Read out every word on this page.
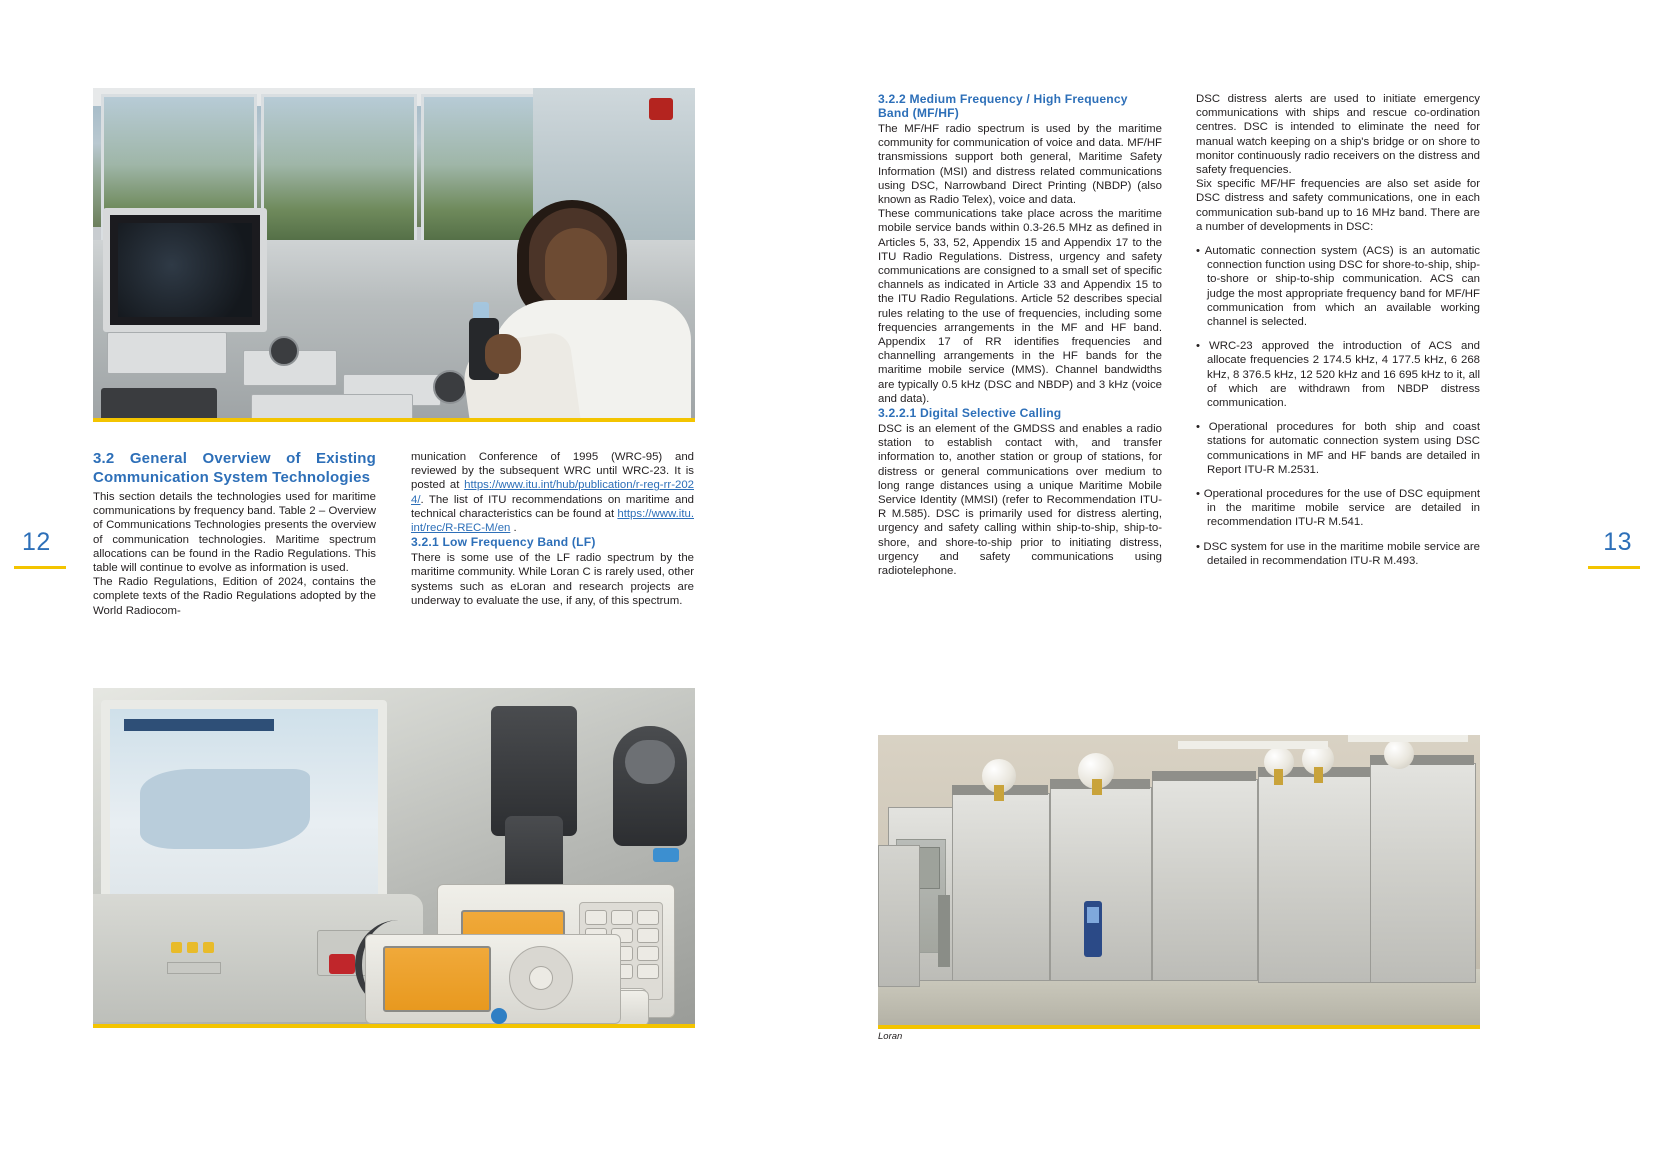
12	13
3.2 General Overview of Existing Communication System Technologies

This section details the technologies used for maritime communications by frequency band. Table 2 – Overview of Communications Technologies presents the overview of communication technologies. Maritime spectrum allocations can be found in the Radio Regulations. This table will continue to evolve as information is used.

The Radio Regulations, Edition of 2024, contains the complete texts of the Radio Regulations adopted by the World Radiocom-

munication Conference of 1995 (WRC-95) and reviewed by the subsequent WRC until WRC-23. It is posted at https://www.itu.int/hub/publication/r-reg-rr-2024/. The list of ITU recommendations on maritime and technical characteristics can be found at https://www.itu.int/rec/R-REC-M/en .

3.2.1 Low Frequency Band (LF)

There is some use of the LF radio spectrum by the maritime community. While Loran C is rarely used, other systems such as eLoran and research projects are underway to evaluate the use, if any, of this spectrum.

3.2.2 Medium Frequency / High Frequency
Band (MF/HF)

The MF/HF radio spectrum is used by the maritime community for communication of voice and data. MF/HF transmissions support both general, Maritime Safety Information (MSI) and distress related communications using DSC, Narrowband Direct Printing (NBDP) (also known as Radio Telex), voice and data.

These communications take place across the maritime mobile service bands within 0.3-26.5 MHz as defined in Articles 5, 33, 52, Appendix 15 and Appendix 17 to the ITU Radio Regulations. Distress, urgency and safety communications are consigned to a small set of specific channels as indicated in Article 33 and Appendix 15 to the ITU Radio Regulations. Article 52 describes special rules relating to the use of frequencies, including some frequencies arrangements in the MF and HF band. Appendix 17 of RR identifies frequencies and channelling arrangements in the HF bands for the maritime mobile service (MMS). Channel bandwidths are typically 0.5 kHz (DSC and NBDP) and 3 kHz (voice and data).

3.2.2.1 Digital Selective Calling

DSC is an element of the GMDSS and enables a radio station to establish contact with, and transfer information to, another station or group of stations, for distress or general communications over medium to long range distances using a unique Maritime Mobile Service Identity (MMSI) (refer to Recommendation ITU-R M.585). DSC is primarily used for distress alerting, urgency and safety calling within ship-to-ship, ship-to-shore, and shore-to-ship prior to initiating distress, urgency and safety communications using radiotelephone.

DSC distress alerts are used to initiate emergency communications with ships and rescue co-ordination centres. DSC is intended to eliminate the need for manual watch keeping on a ship's bridge or on shore to monitor continuously radio receivers on the distress and safety frequencies.

Six specific MF/HF frequencies are also set aside for DSC distress and safety communications, one in each communication sub-band up to 16 MHz band. There are a number of developments in DSC:

• Automatic connection system (ACS) is an automatic connection function using DSC for shore-to-ship, ship-to-shore or ship-to-ship communication. ACS can judge the most appropriate frequency band for MF/HF communication from which an available working channel is selected.
• WRC-23 approved the introduction of ACS and allocate frequencies 2 174.5 kHz, 4 177.5 kHz, 6 268 kHz, 8 376.5 kHz, 12 520 kHz and 16 695 kHz to it, all of which are withdrawn from NBDP distress communication.
• Operational procedures for both ship and coast stations for automatic connection system using DSC communications in MF and HF bands are detailed in Report ITU-R M.2531.
• Operational procedures for the use of DSC equipment in the maritime mobile service are detailed in recommendation ITU-R M.541.
• DSC system for use in the maritime mobile service are detailed in recommendation ITU-R M.493.
Loran
